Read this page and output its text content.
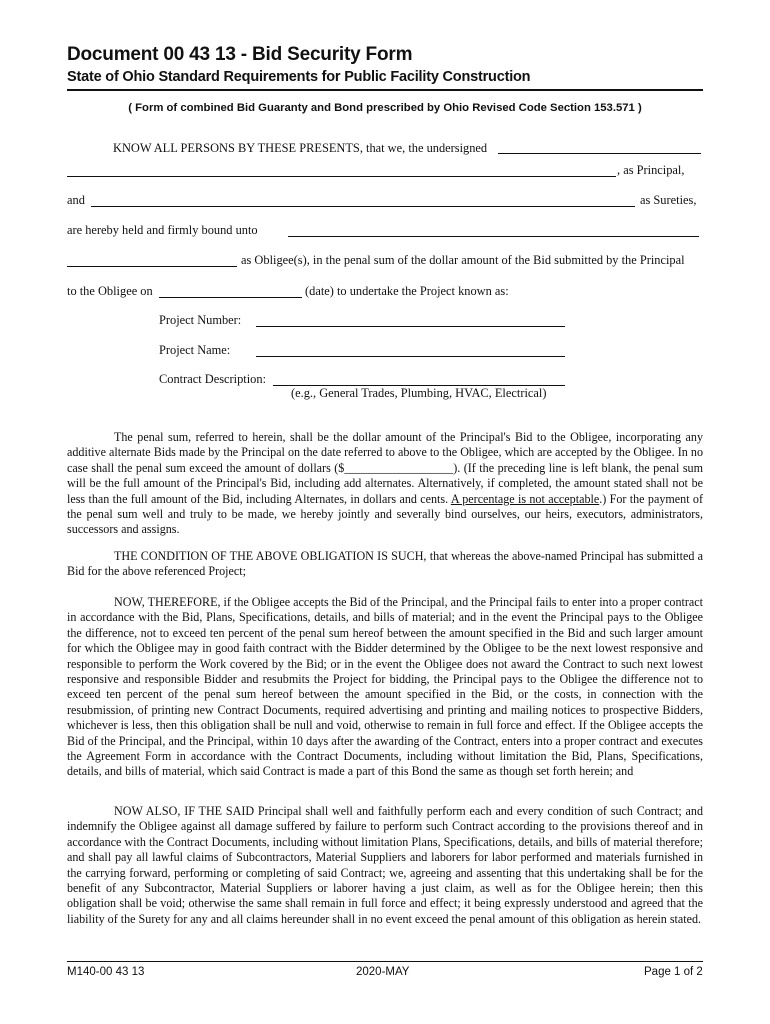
Document 00 43 13 - Bid Security Form
State of Ohio Standard Requirements for Public Facility Construction
( Form of combined Bid Guaranty and Bond prescribed by Ohio Revised Code Section 153.571 )
KNOW ALL PERSONS BY THESE PRESENTS, that we, the undersigned
, as Principal,
and	as Sureties,
are hereby held and firmly bound unto
as Obligee(s), in the penal sum of the dollar amount of the Bid submitted by the Principal
to the Obligee on	(date) to undertake the Project known as:
Project Number:
Project Name:
Contract Description:
(e.g., General Trades, Plumbing, HVAC, Electrical)

The penal sum, referred to herein, shall be the dollar amount of the Principal's Bid to the Obligee, incorporating any additive alternate Bids made by the Principal on the date referred to above to the Obligee, which are accepted by the Obligee. In no case shall the penal sum exceed the amount of dollars ($__________________). (If the preceding line is left blank, the penal sum will be the full amount of the Principal's Bid, including add alternates. Alternatively, if completed, the amount stated shall not be less than the full amount of the Bid, including Alternates, in dollars and cents. A percentage is not acceptable.) For the payment of the penal sum well and truly to be made, we hereby jointly and severally bind ourselves, our heirs, executors, administrators, successors and assigns.

THE CONDITION OF THE ABOVE OBLIGATION IS SUCH, that whereas the above-named Principal has submitted a Bid for the above referenced Project;

NOW, THEREFORE, if the Obligee accepts the Bid of the Principal, and the Principal fails to enter into a proper contract in accordance with the Bid, Plans, Specifications, details, and bills of material; and in the event the Principal pays to the Obligee the difference, not to exceed ten percent of the penal sum hereof between the amount specified in the Bid and such larger amount for which the Obligee may in good faith contract with the Bidder determined by the Obligee to be the next lowest responsive and responsible to perform the Work covered by the Bid; or in the event the Obligee does not award the Contract to such next lowest responsive and responsible Bidder and resubmits the Project for bidding, the Principal pays to the Obligee the difference not to exceed ten percent of the penal sum hereof between the amount specified in the Bid, or the costs, in connection with the resubmission, of printing new Contract Documents, required advertising and printing and mailing notices to prospective Bidders, whichever is less, then this obligation shall be null and void, otherwise to remain in full force and effect. If the Obligee accepts the Bid of the Principal, and the Principal, within 10 days after the awarding of the Contract, enters into a proper contract and executes the Agreement Form in accordance with the Contract Documents, including without limitation the Bid, Plans, Specifications, details, and bills of material, which said Contract is made a part of this Bond the same as though set forth herein; and

NOW ALSO, IF THE SAID Principal shall well and faithfully perform each and every condition of such Contract; and indemnify the Obligee against all damage suffered by failure to perform such Contract according to the provisions thereof and in accordance with the Contract Documents, including without limitation Plans, Specifications, details, and bills of material therefore; and shall pay all lawful claims of Subcontractors, Material Suppliers and laborers for labor performed and materials furnished in the carrying forward, performing or completing of said Contract; we, agreeing and assenting that this undertaking shall be for the benefit of any Subcontractor, Material Suppliers or laborer having a just claim, as well as for the Obligee herein; then this obligation shall be void; otherwise the same shall remain in full force and effect; it being expressly understood and agreed that the liability of the Surety for any and all claims hereunder shall in no event exceed the penal amount of this obligation as herein stated.

M140-00 43 13	2020-MAY	Page 1 of 2
